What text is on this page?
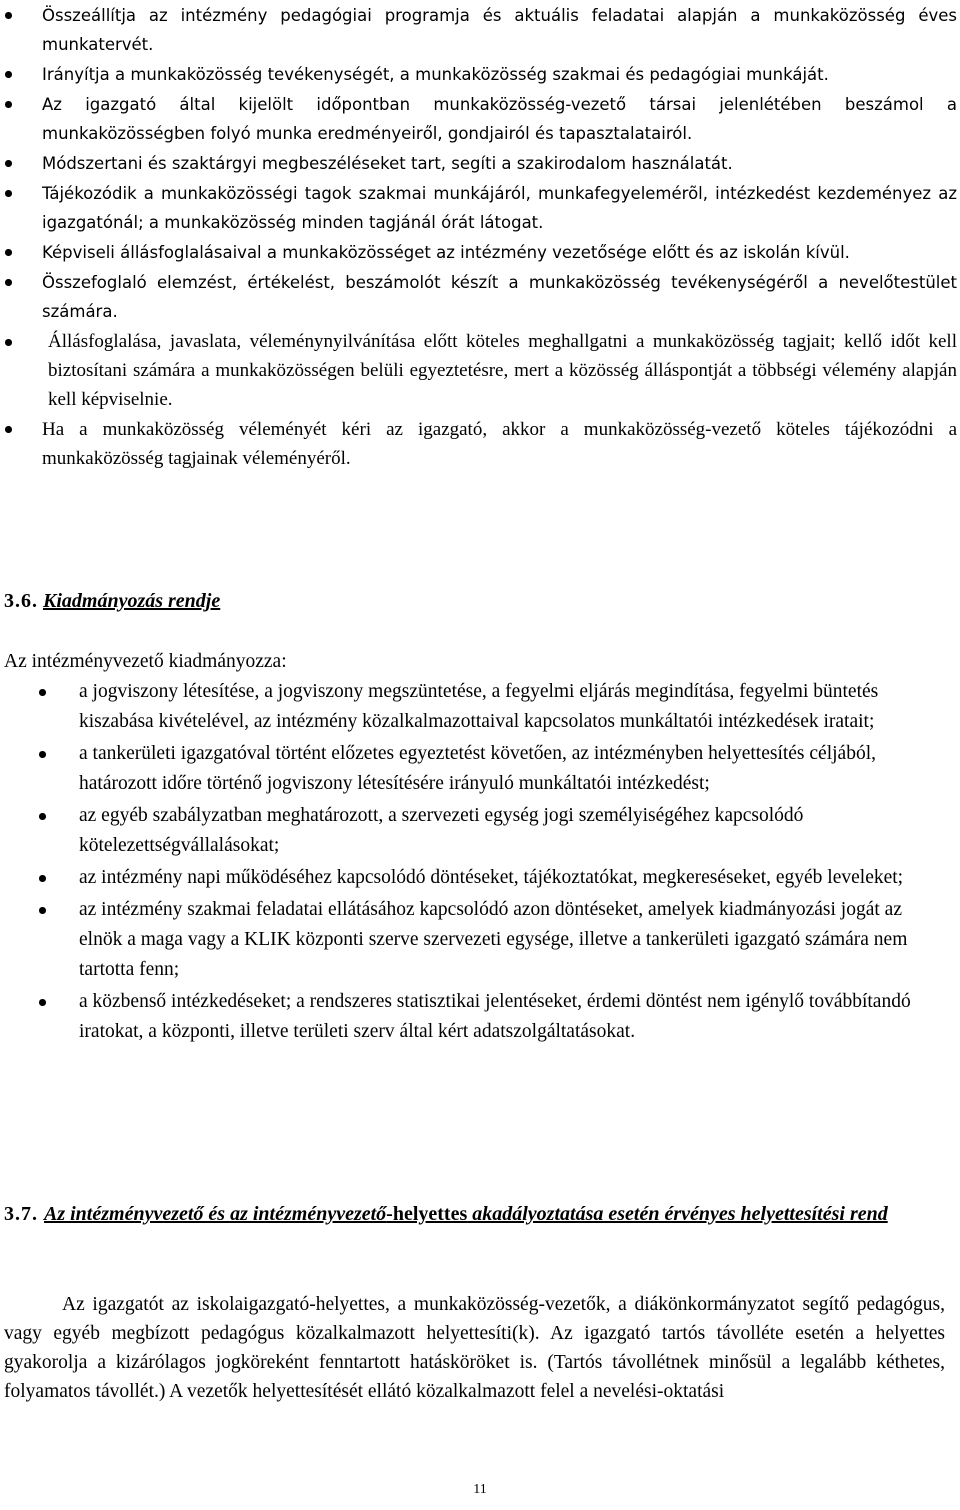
Összeállítja az intézmény pedagógiai programja és aktuális feladatai alapján a munkaközösség éves munkatervét.
Irányítja a munkaközösség tevékenységét, a munkaközösség szakmai és pedagógiai munkáját.
Az igazgató által kijelölt időpontban munkaközösség-vezető társai jelenlétében beszámol a munkaközösségben folyó munka eredményeiről, gondjairól és tapasztalatairól.
Módszertani és szaktárgyi megbeszéléseket tart, segíti a szakirodalom használatát.
Tájékozódik a munkaközösségi tagok szakmai munkájáról, munkafegyelemérõl, intézkedést kezdeményez az igazgatónál; a munkaközösség minden tagjánál órát látogat.
Képviseli állásfoglalásaival a munkaközösséget az intézmény vezetősége előtt és az iskolán kívül.
Összefoglaló elemzést, értékelést, beszámolót készít a munkaközösség tevékenységéről a nevelőtestület számára.
Állásfoglalása, javaslata, véleménynyilvánítása előtt köteles meghallgatni a munkaközösség tagjait; kellő időt kell biztosítani számára a munkaközösségen belüli egyeztetésre, mert a közösség álláspontját a többségi vélemény alapján kell képviselnie.
Ha a munkaközösség véleményét kéri az igazgató, akkor a munkaközösség-vezető köteles tájékozódni a munkaközösség tagjainak véleményéről.
3.6. Kiadmányozás rendje
Az intézményvezető kiadmányozza:
a jogviszony létesítése, a jogviszony megszüntetése, a fegyelmi eljárás megindítása, fegyelmi büntetés kiszabása kivételével, az intézmény közalkalmazottaival kapcsolatos munkáltatói intézkedések iratait;
a tankerületi igazgatóval történt előzetes egyeztetést követően, az intézményben helyettesítés céljából, határozott időre történő jogviszony létesítésére irányuló munkáltatói intézkedést;
az egyéb szabályzatban meghatározott, a szervezeti egység jogi személyiségéhez kapcsolódó kötelezettségvállalásokat;
az intézmény napi működéséhez kapcsolódó döntéseket, tájékoztatókat, megkereséseket, egyéb leveleket;
az intézmény szakmai feladatai ellátásához kapcsolódó azon döntéseket, amelyek kiadmányozási jogát az elnök a maga vagy a KLIK központi szerve szervezeti egysége, illetve a tankerületi igazgató számára nem tartotta fenn;
a közbenső intézkedéseket; a rendszeres statisztikai jelentéseket, érdemi döntést nem igénylő továbbítandó iratokat, a központi, illetve területi szerv által kért adatszolgáltatásokat.
3.7. Az intézményvezető és az intézményvezető-helyettes akadályoztatása esetén érvényes helyettesítési rend
Az igazgatót az iskolaigazgató-helyettes, a munkaközösség-vezetők, a diákönkormányzatot segítő pedagógus, vagy egyéb megbízott pedagógus közalkalmazott helyettesíti(k). Az igazgató tartós távolléte esetén a helyettes gyakorolja a kizárólagos jogköreként fenntartott hatásköröket is. (Tartós távollétnek minősül a legalább kéthetes, folyamatos távollét.) A vezetők helyettesítését ellátó közalkalmazott felel a nevelési-oktatási
11
